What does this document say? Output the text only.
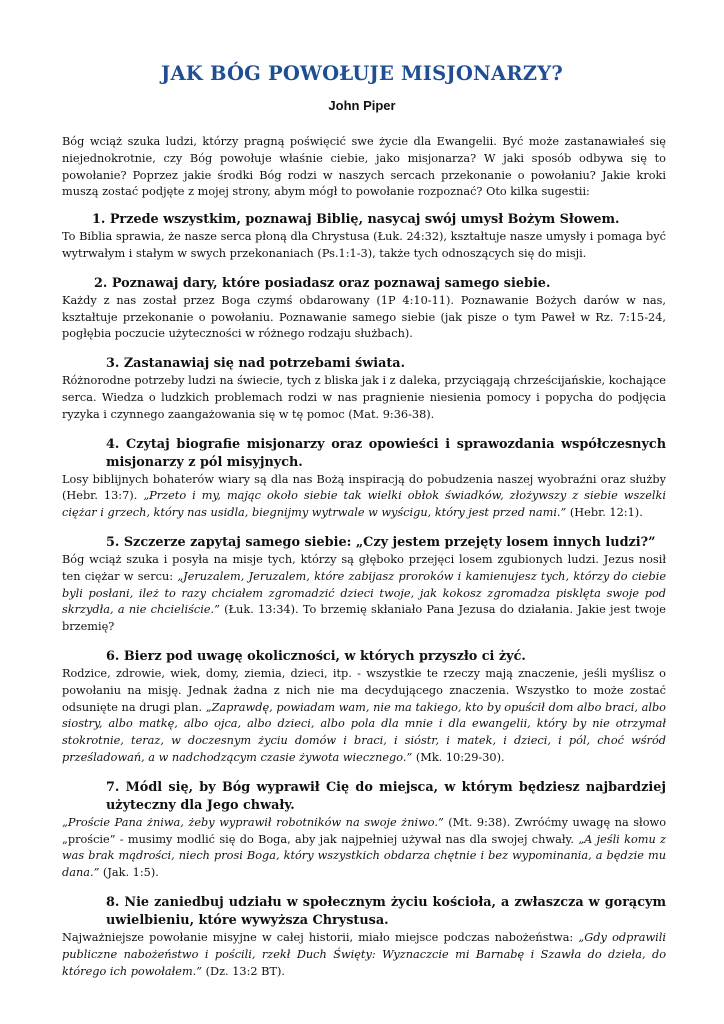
JAK BÓG POWOŁUJE MISJONARZY?
John Piper

Bóg wciąż szuka ludzi, którzy pragną poświęcić swe życie dla Ewangelii. Być może zastanawiałeś się niejednokrotnie, czy Bóg powołuje właśnie ciebie, jako misjonarza? W jaki sposób odbywa się to powołanie? Poprzez jakie środki Bóg rodzi w naszych sercach przekonanie o powołaniu? Jakie kroki muszą zostać podjęte z mojej strony, abym mógł to powołanie rozpoznać? Oto kilka sugestii:

1. Przede wszystkim, poznawaj Biblię, nasycaj swój umysł Bożym Słowem.

To Biblia sprawia, że nasze serca płoną dla Chrystusa (Łuk. 24:32), kształtuje nasze umysły i pomaga być wytrwałym i stałym w swych przekonaniach (Ps.1:1-3), także tych odnoszących się do misji.

2. Poznawaj dary, które posiadasz oraz poznawaj samego siebie.

Każdy z nas został przez Boga czymś obdarowany (1P 4:10-11). Poznawanie Bożych darów w nas, kształtuje przekonanie o powołaniu. Poznawanie samego siebie (jak pisze o tym Paweł w Rz. 7:15-24, pogłębia poczucie użyteczności w różnego rodzaju służbach).

3. Zastanawiaj się nad potrzebami świata.

Różnorodne potrzeby ludzi na świecie, tych z bliska jak i z daleka, przyciągają chrześcijańskie, kochające serca. Wiedza o ludzkich problemach rodzi w nas pragnienie niesienia pomocy i popycha do podjęcia ryzyka i czynnego zaangażowania się w tę pomoc (Mat. 9:36-38).

4. Czytaj biografie misjonarzy oraz opowieści i sprawozdania współczesnych misjonarzy z pól misyjnych.

Losy biblijnych bohaterów wiary są dla nas Bożą inspiracją do pobudzenia naszej wyobraźni oraz służby (Hebr. 13:7). „Przeto i my, mając około siebie tak wielki obłok świadków, złożywszy z siebie wszelki ciężar i grzech, który nas usidla, biegnijmy wytrwale w wyścigu, który jest przed nami.” (Hebr. 12:1).

5. Szczerze zapytaj samego siebie: „Czy jestem przejęty losem innych ludzi?”

Bóg wciąż szuka i posyła na misje tych, którzy są głęboko przejęci losem zgubionych ludzi. Jezus nosił ten ciężar w sercu: „Jeruzalem, Jeruzalem, które zabijasz proroków i kamienujesz tych, którzy do ciebie byli posłani, ileż to razy chciałem zgromadzić dzieci twoje, jak kokosz zgromadza pisklęta swoje pod skrzydła, a nie chcieliście.” (Łuk. 13:34). To brzemię skłaniało Pana Jezusa do działania. Jakie jest twoje brzemię?

6. Bierz pod uwagę okoliczności, w których przyszło ci żyć.

Rodzice, zdrowie, wiek, domy, ziemia, dzieci, itp. - wszystkie te rzeczy mają znaczenie, jeśli myślisz o powołaniu na misję. Jednak żadna z nich nie ma decydującego znaczenia. Wszystko to może zostać odsunięte na drugi plan. „Zaprawdę, powiadam wam, nie ma takiego, kto by opuścił dom albo braci, albo siostry, albo matkę, albo ojca, albo dzieci, albo pola dla mnie i dla ewangelii, który by nie otrzymał stokrotnie, teraz, w doczesnym życiu domów i braci, i sióstr, i matek, i dzieci, i pól, choć wśród prześladowań, a w nadchodzącym czasie żywota wiecznego.” (Mk. 10:29-30).

7. Módl się, by Bóg wyprawił Cię do miejsca, w którym będziesz najbardziej użyteczny dla Jego chwały.

„Proście Pana żniwa, żeby wyprawił robotników na swoje żniwo.” (Mt. 9:38). Zwróćmy uwagę na słowo „proście” - musimy modlić się do Boga, aby jak najpełniej używał nas dla swojej chwały. „A jeśli komu z was brak mądrości, niech prosi Boga, który wszystkich obdarza chętnie i bez wypominania, a będzie mu dana.” (Jak. 1:5).

8. Nie zaniedbuj udziału w społecznym życiu kościoła, a zwłaszcza w gorącym uwielbieniu, które wywyższa Chrystusa.

Najważniejsze powołanie misyjne w całej historii, miało miejsce podczas nabożeństwa: „Gdy odprawili publiczne nabożeństwo i pościli, rzekł Duch Święty: Wyznaczcie mi Barnabę i Szawła do dzieła, do którego ich powołałem.” (Dz. 13:2 BT).
